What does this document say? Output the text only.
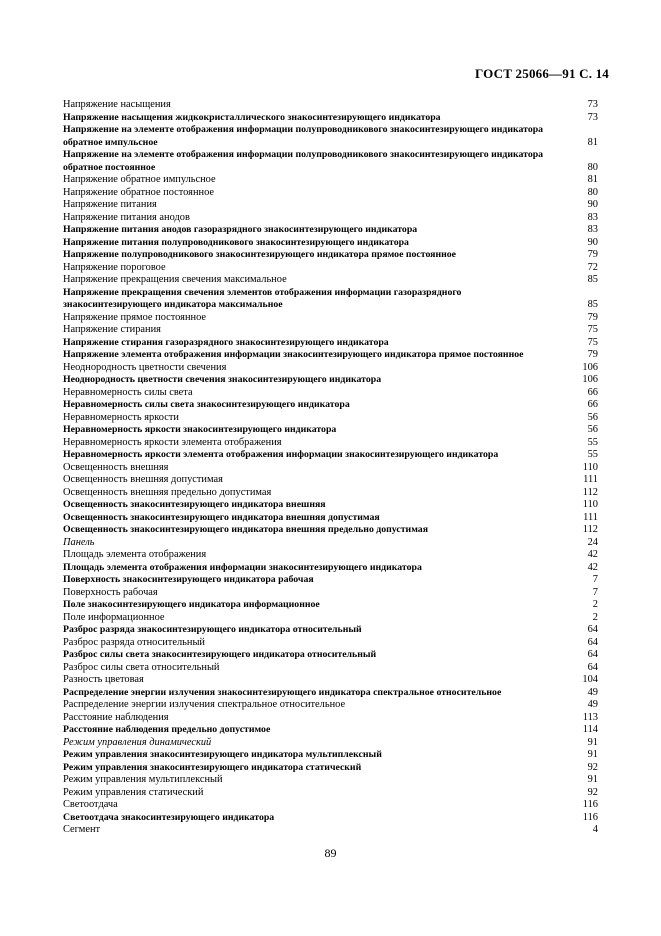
ГОСТ 25066—91 С. 14
Напряжение насыщения	73
Напряжение насыщения жидкокристаллического знакосинтезирующего индикатора	73
Напряжение на элементе отображения информации полупроводникового знакосинтезирующего индикатора обратное импульсное	81
Напряжение на элементе отображения информации полупроводникового знакосинтезирующего индикатора обратное постоянное	80
Напряжение обратное импульсное	81
Напряжение обратное постоянное	80
Напряжение питания	90
Напряжение питания анодов	83
Напряжение питания анодов газоразрядного знакосинтезирующего индикатора	83
Напряжение питания полупроводникового знакосинтезирующего индикатора	90
Напряжение полупроводникового знакосинтезирующего индикатора прямое постоянное	79
Напряжение пороговое	72
Напряжение прекращения свечения максимальное	85
Напряжение прекращения свечения элементов отображения информации газоразрядного знакосинтезирующего индикатора максимальное	85
Напряжение прямое постоянное	79
Напряжение стирания	75
Напряжение стирания газоразрядного знакосинтезирующего индикатора	75
Напряжение элемента отображения информации знакосинтезирующего индикатора прямое постоянное	79
Неоднородность цветности свечения	106
Неоднородность цветности свечения знакосинтезирующего индикатора	106
Неравномерность силы света	66
Неравномерность силы света знакосинтезирующего индикатора	66
Неравномерность яркости	56
Неравномерность яркости знакосинтезирующего индикатора	56
Неравномерность яркости элемента отображения	55
Неравномерность яркости элемента отображения информации знакосинтезирующего индикатора	55
Освещенность внешняя	110
Освещенность внешняя допустимая	111
Освещенность внешняя предельно допустимая	112
Освещенность знакосинтезирующего индикатора внешняя	110
Освещенность знакосинтезирующего индикатора внешняя допустимая	111
Освещенность знакосинтезирующего индикатора внешняя предельно допустимая	112
Панель	24
Площадь элемента отображения	42
Площадь элемента отображения информации знакосинтезирующего индикатора	42
Поверхность знакосинтезирующего индикатора рабочая	7
Поверхность рабочая	7
Поле знакосинтезирующего индикатора информационное	2
Поле информационное	2
Разброс разряда знакосинтезирующего индикатора относительный	64
Разброс разряда относительный	64
Разброс силы света знакосинтезирующего индикатора относительный	64
Разброс силы света относительный	64
Разность цветовая	104
Распределение энергии излучения знакосинтезирующего индикатора спектральное относительное	49
Распределение энергии излучения спектральное относительное	49
Расстояние наблюдения	113
Расстояние наблюдения предельно допустимое	114
Режим управления динамический	91
Режим управления знакосинтезирующего индикатора мультиплексный	91
Режим управления знакосинтезирующего индикатора статический	92
Режим управления мультиплексный	91
Режим управления статический	92
Светоотдача	116
Светоотдача знакосинтезирующего индикатора	116
Сегмент	4
89
